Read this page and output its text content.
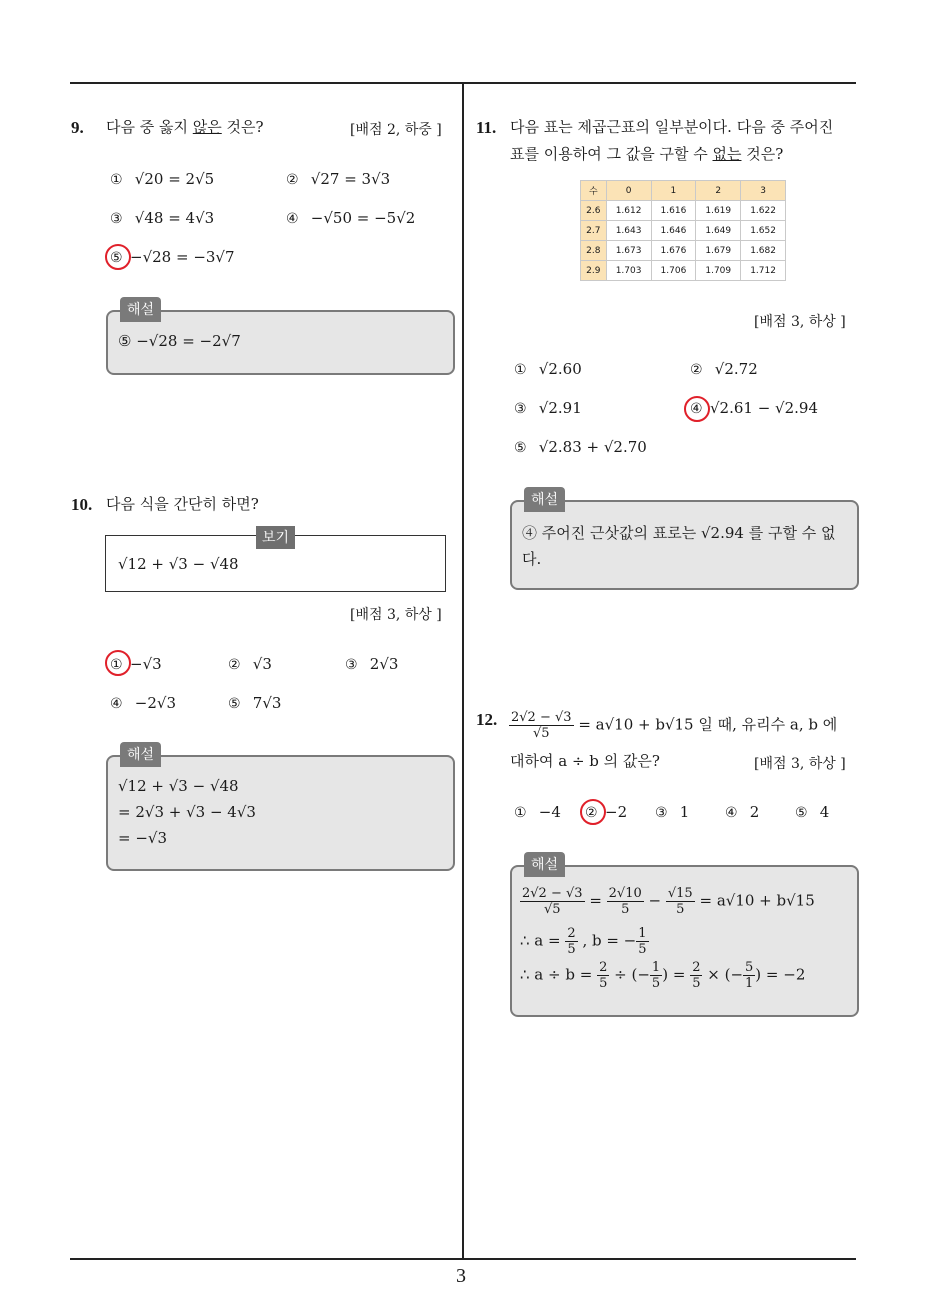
9. 다음 중 옳지 않은 것은?	[배점 2, 하중 ]
① √20 = 2√5	② √27 = 3√3
③ √48 = 4√3	④ −√50 = −5√2
⑤ −√28 = −3√7
해설
⑤ −√28 = −2√7
10. 다음 식을 간단히 하면?
보기
√12 + √3 − √48
[배점 3, 하상 ]
① −√3	② √3	③ 2√3
④ −2√3	⑤ 7√3
해설
√12 + √3 − √48
= 2√3 + √3 − 4√3
= −√3
11. 다음 표는 제곱근표의 일부분이다. 다음 중 주어진
표를 이용하여 그 값을 구할 수 없는 것은?
수	0	1	2	3
2.6	1.612	1.616	1.619	1.622
2.7	1.643	1.646	1.649	1.652
2.8	1.673	1.676	1.679	1.682
2.9	1.703	1.706	1.709	1.712
[배점 3, 하상 ]
① √2.60	② √2.72
③ √2.91	④ √2.61 − √2.94
⑤ √2.83 + √2.70
해설
④ 주어진 근삿값의 표로는 √2.94 를 구할 수 없
다.
12. $\frac{2√2 - √3}{√5} = a√10 + b√15$ 일 때, 유리수 a, b 에
대하여 a ÷ b 의 값은?	[배점 3, 하상 ]
① −4 ② −2 ③ 1	④ 2	⑤ 4
해설
$\frac{2√2 - √3}{√5} = \frac{2√10}{5} - \frac{√15}{5} = a√10 + b√15$
∴ $a = \frac{2}{5}$ , b = − $\frac{1}{5}$
∴ $a \div b = \frac{2}{5}$ ÷ (− $\frac{1}{5}$ ) = $\frac{2}{5}$ × (− $\frac{5}{1}$ ) = −2
3
